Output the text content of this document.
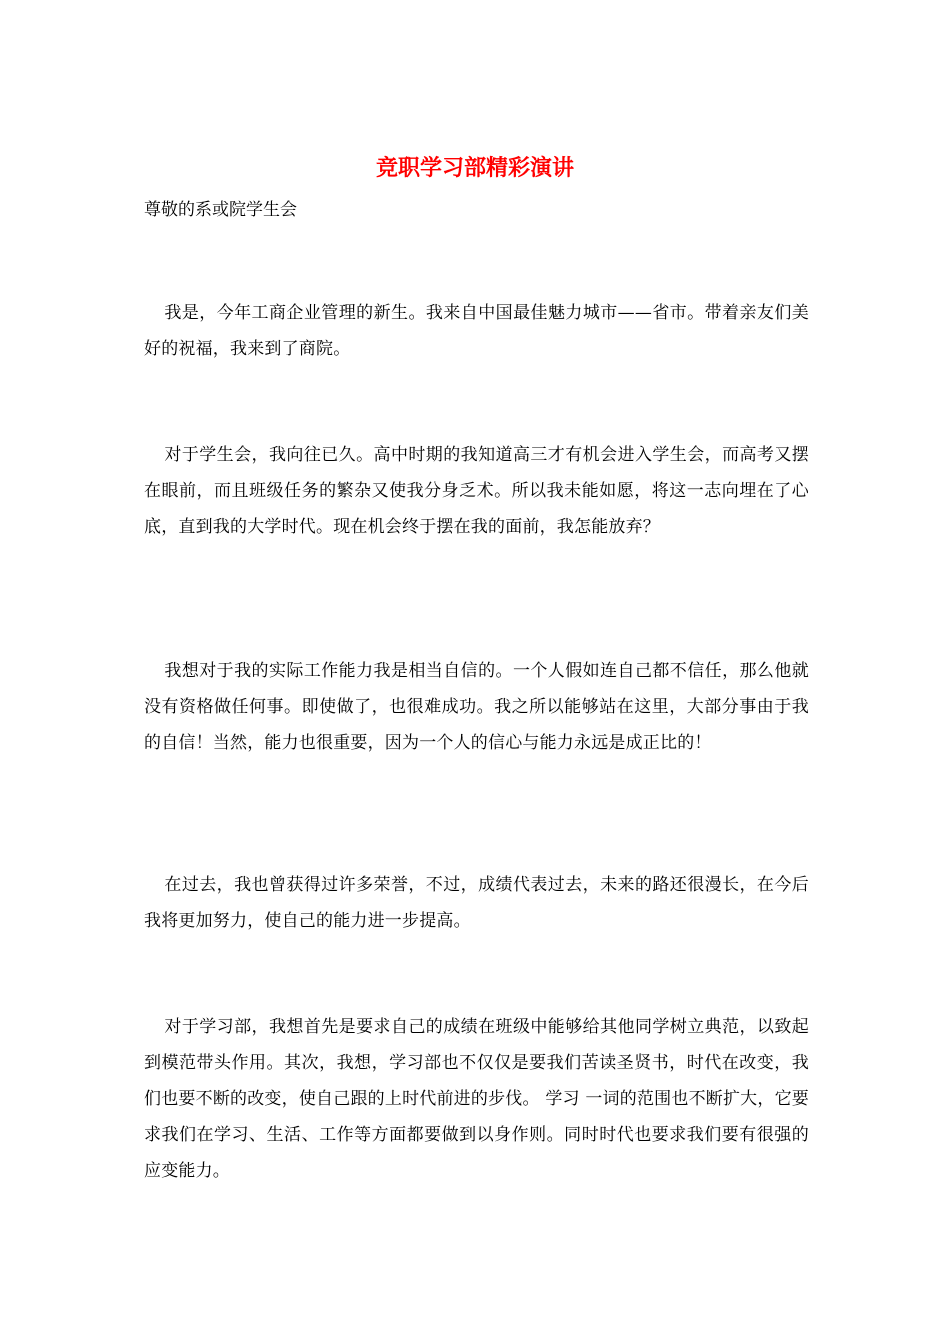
竞职学习部精彩演讲

尊敬的系或院学生会

我是，今年工商企业管理的新生。我来自中国最佳魅力城市——省市。带着亲友们美好的祝福，我来到了商院。

对于学生会，我向往已久。高中时期的我知道高三才有机会进入学生会，而高考又摆在眼前，而且班级任务的繁杂又使我分身乏术。所以我未能如愿，将这一志向埋在了心底，直到我的大学时代。现在机会终于摆在我的面前，我怎能放弃？

我想对于我的实际工作能力我是相当自信的。一个人假如连自己都不信任，那么他就没有资格做任何事。即使做了，也很难成功。我之所以能够站在这里，大部分事由于我的自信！当然，能力也很重要，因为一个人的信心与能力永远是成正比的！

在过去，我也曾获得过许多荣誉，不过，成绩代表过去，未来的路还很漫长，在今后我将更加努力，使自己的能力进一步提高。

对于学习部，我想首先是要求自己的成绩在班级中能够给其他同学树立典范，以致起到模范带头作用。其次，我想，学习部也不仅仅是要我们苦读圣贤书，时代在改变，我们也要不断的改变，使自己跟的上时代前进的步伐。 学习 一词的范围也不断扩大，它要求我们在学习、生活、工作等方面都要做到以身作则。同时时代也要求我们要有很强的应变能力。
